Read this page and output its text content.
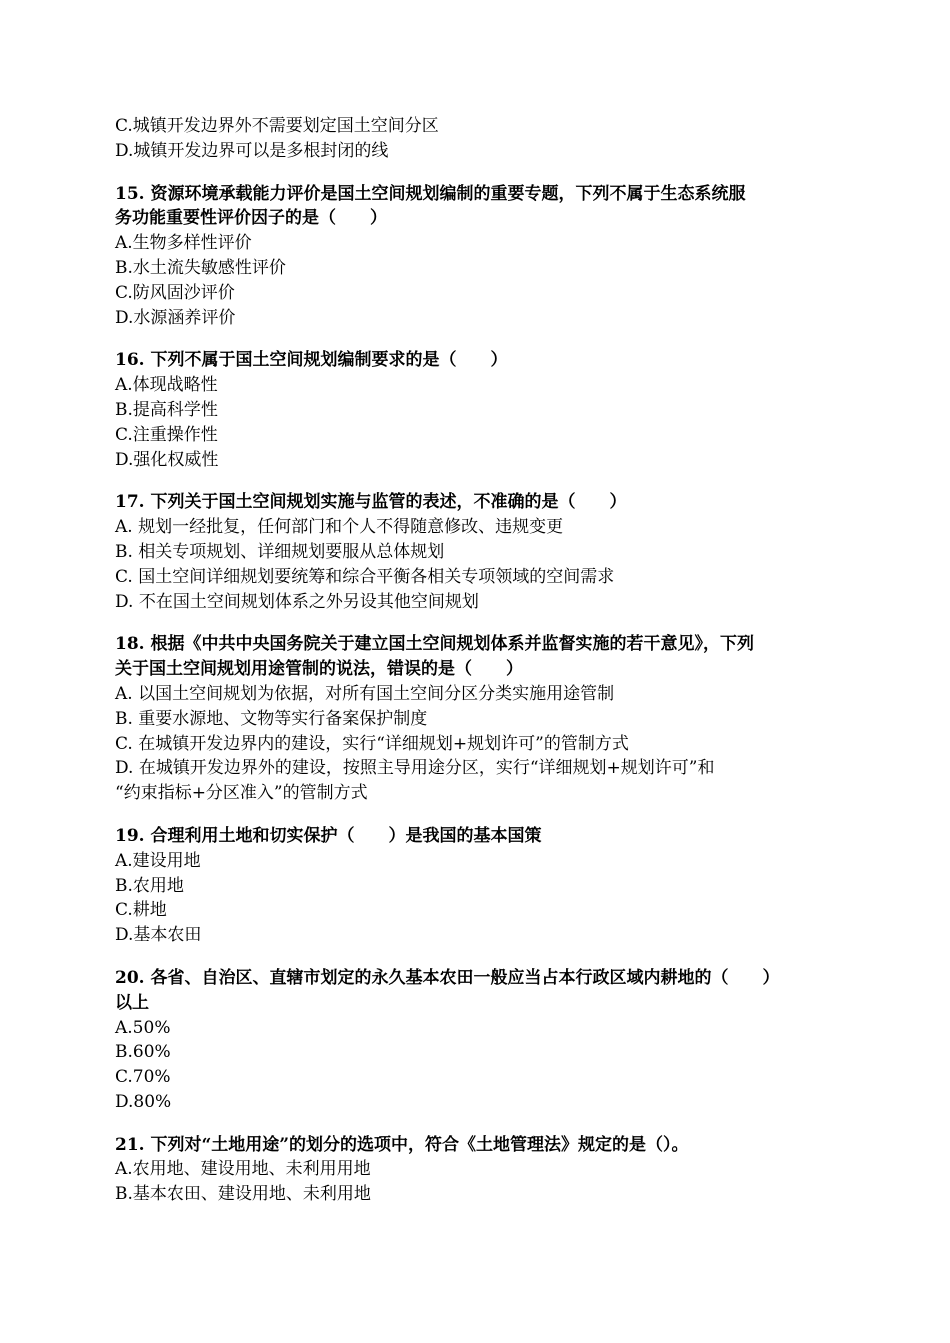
C.城镇开发边界外不需要划定国土空间分区
D.城镇开发边界可以是多根封闭的线
15. 资源环境承载能力评价是国土空间规划编制的重要专题，下列不属于生态系统服
务功能重要性评价因子的是（　　）
A.生物多样性评价
B.水土流失敏感性评价
C.防风固沙评价
D.水源涵养评价
16. 下列不属于国土空间规划编制要求的是（　　）
A.体现战略性
B.提高科学性
C.注重操作性
D.强化权威性
17. 下列关于国土空间规划实施与监管的表述，不准确的是（　　）
A. 规划一经批复，任何部门和个人不得随意修改、违规变更
B. 相关专项规划、详细规划要服从总体规划
C. 国土空间详细规划要统筹和综合平衡各相关专项领域的空间需求
D. 不在国土空间规划体系之外另设其他空间规划
18. 根据《中共中央国务院关于建立国土空间规划体系并监督实施的若干意见》，下列
关于国土空间规划用途管制的说法，错误的是（　　）
A. 以国土空间规划为依据，对所有国土空间分区分类实施用途管制
B. 重要水源地、文物等实行备案保护制度
C. 在城镇开发边界内的建设，实行“详细规划+规划许可”的管制方式
D. 在城镇开发边界外的建设，按照主导用途分区，实行“详细规划+规划许可”和
“约束指标+分区准入”的管制方式
19. 合理利用土地和切实保护（　　）是我国的基本国策
A.建设用地
B.农用地
C.耕地
D.基本农田
20. 各省、自治区、直辖市划定的永久基本农田一般应当占本行政区域内耕地的（　　）
以上
A.50%
B.60%
C.70%
D.80%
21. 下列对“土地用途”的划分的选项中，符合《土地管理法》规定的是（）。
A.农用地、建设用地、未利用用地
B.基本农田、建设用地、未利用地
